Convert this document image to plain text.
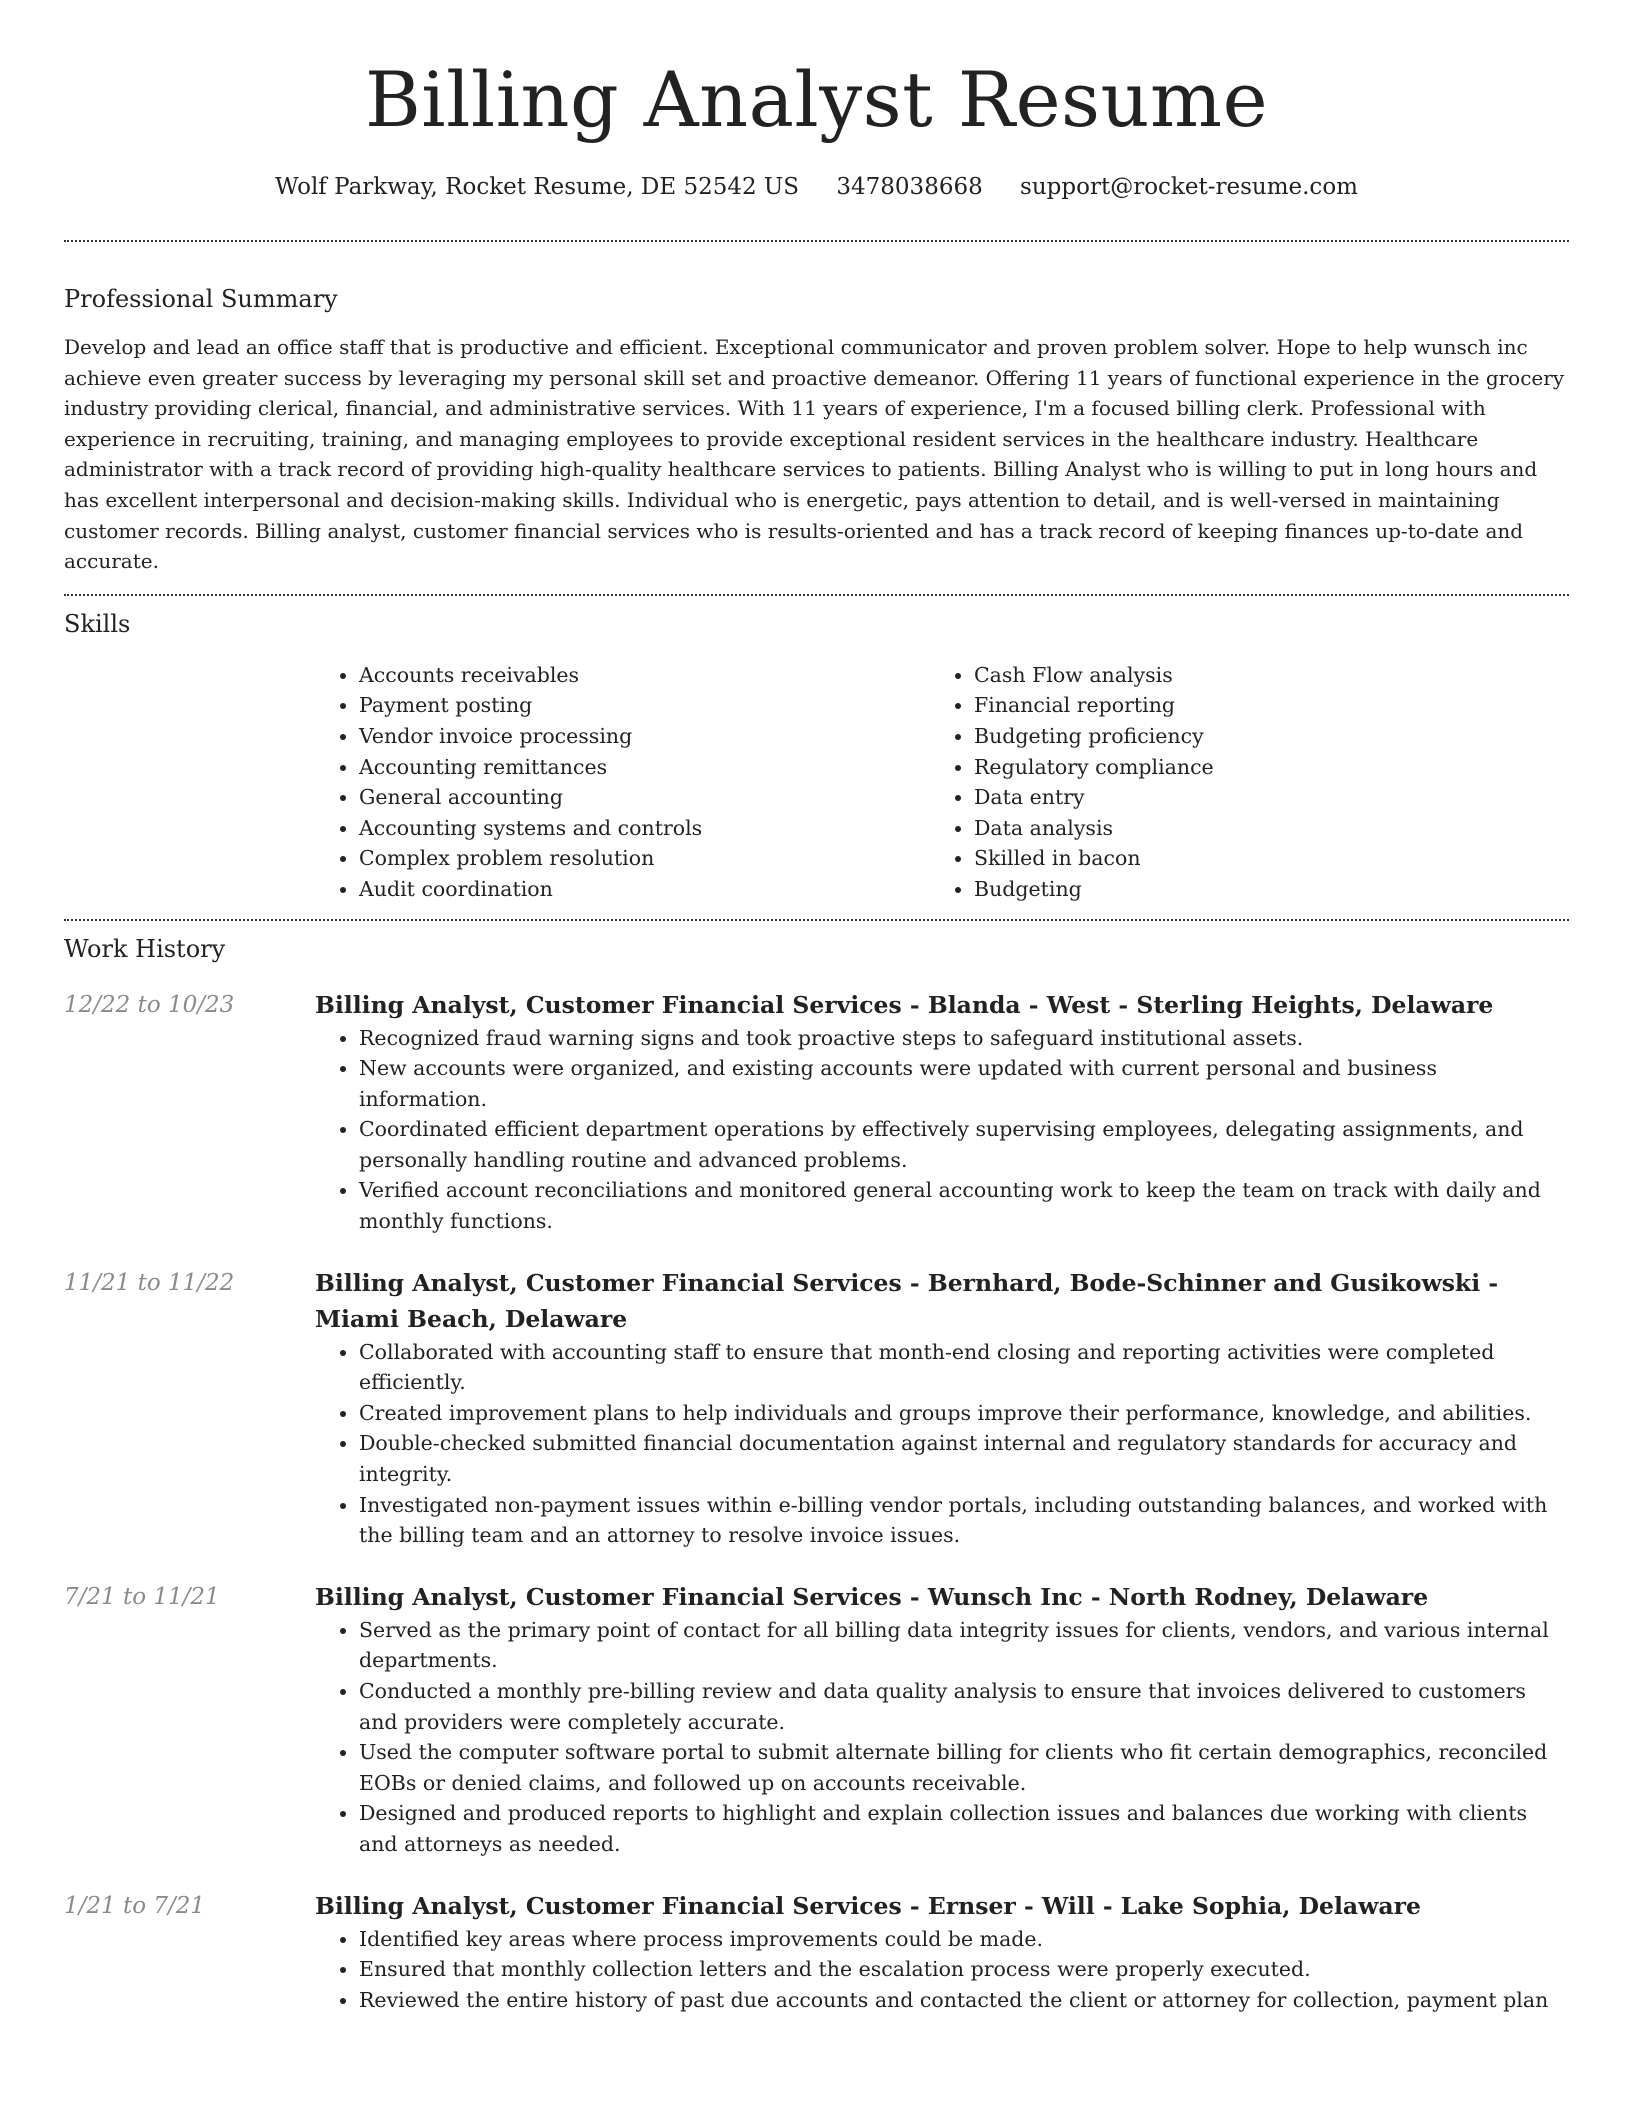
Billing Analyst Resume
Wolf Parkway, Rocket Resume, DE 52542 US 3478038668 support@rocket-resume.com
Professional Summary

Develop and lead an office staff that is productive and efficient. Exceptional communicator and proven problem solver. Hope to help wunsch inc achieve even greater success by leveraging my personal skill set and proactive demeanor. Offering 11 years of functional experience in the grocery industry providing clerical, financial, and administrative services. With 11 years of experience, I'm a focused billing clerk. Professional with experience in recruiting, training, and managing employees to provide exceptional resident services in the healthcare industry. Healthcare administrator with a track record of providing high-quality healthcare services to patients. Billing Analyst who is willing to put in long hours and has excellent interpersonal and decision-making skills. Individual who is energetic, pays attention to detail, and is well-versed in maintaining customer records. Billing analyst, customer financial services who is results-oriented and has a track record of keeping finances up-to-date and accurate.

Skills
• Accounts receivables
• Payment posting
• Vendor invoice processing
• Accounting remittances
• General accounting
• Accounting systems and controls
• Complex problem resolution
• Audit coordination
• Cash Flow analysis
• Financial reporting
• Budgeting proficiency
• Regulatory compliance
• Data entry
• Data analysis
• Skilled in bacon
• Budgeting
Work History
12/22 to 10/23	Billing Analyst, Customer Financial Services - Blanda - West - Sterling Heights, Delaware
• Recognized fraud warning signs and took proactive steps to safeguard institutional assets.
• New accounts were organized, and existing accounts were updated with current personal and business information.
• Coordinated efficient department operations by effectively supervising employees, delegating assignments, and personally handling routine and advanced problems.
• Verified account reconciliations and monitored general accounting work to keep the team on track with daily and monthly functions.
11/21 to 11/22	Billing Analyst, Customer Financial Services - Bernhard, Bode-Schinner and Gusikowski - Miami Beach, Delaware
• Collaborated with accounting staff to ensure that month-end closing and reporting activities were completed efficiently.
• Created improvement plans to help individuals and groups improve their performance, knowledge, and abilities.
• Double-checked submitted financial documentation against internal and regulatory standards for accuracy and integrity.
• Investigated non-payment issues within e-billing vendor portals, including outstanding balances, and worked with the billing team and an attorney to resolve invoice issues.
7/21 to 11/21	Billing Analyst, Customer Financial Services - Wunsch Inc - North Rodney, Delaware
• Served as the primary point of contact for all billing data integrity issues for clients, vendors, and various internal departments.
• Conducted a monthly pre-billing review and data quality analysis to ensure that invoices delivered to customers and providers were completely accurate.
• Used the computer software portal to submit alternate billing for clients who fit certain demographics, reconciled EOBs or denied claims, and followed up on accounts receivable.
• Designed and produced reports to highlight and explain collection issues and balances due working with clients and attorneys as needed.
1/21 to 7/21	Billing Analyst, Customer Financial Services - Ernser - Will - Lake Sophia, Delaware
• Identified key areas where process improvements could be made.
• Ensured that monthly collection letters and the escalation process were properly executed.
• Reviewed the entire history of past due accounts and contacted the client or attorney for collection, payment plan
